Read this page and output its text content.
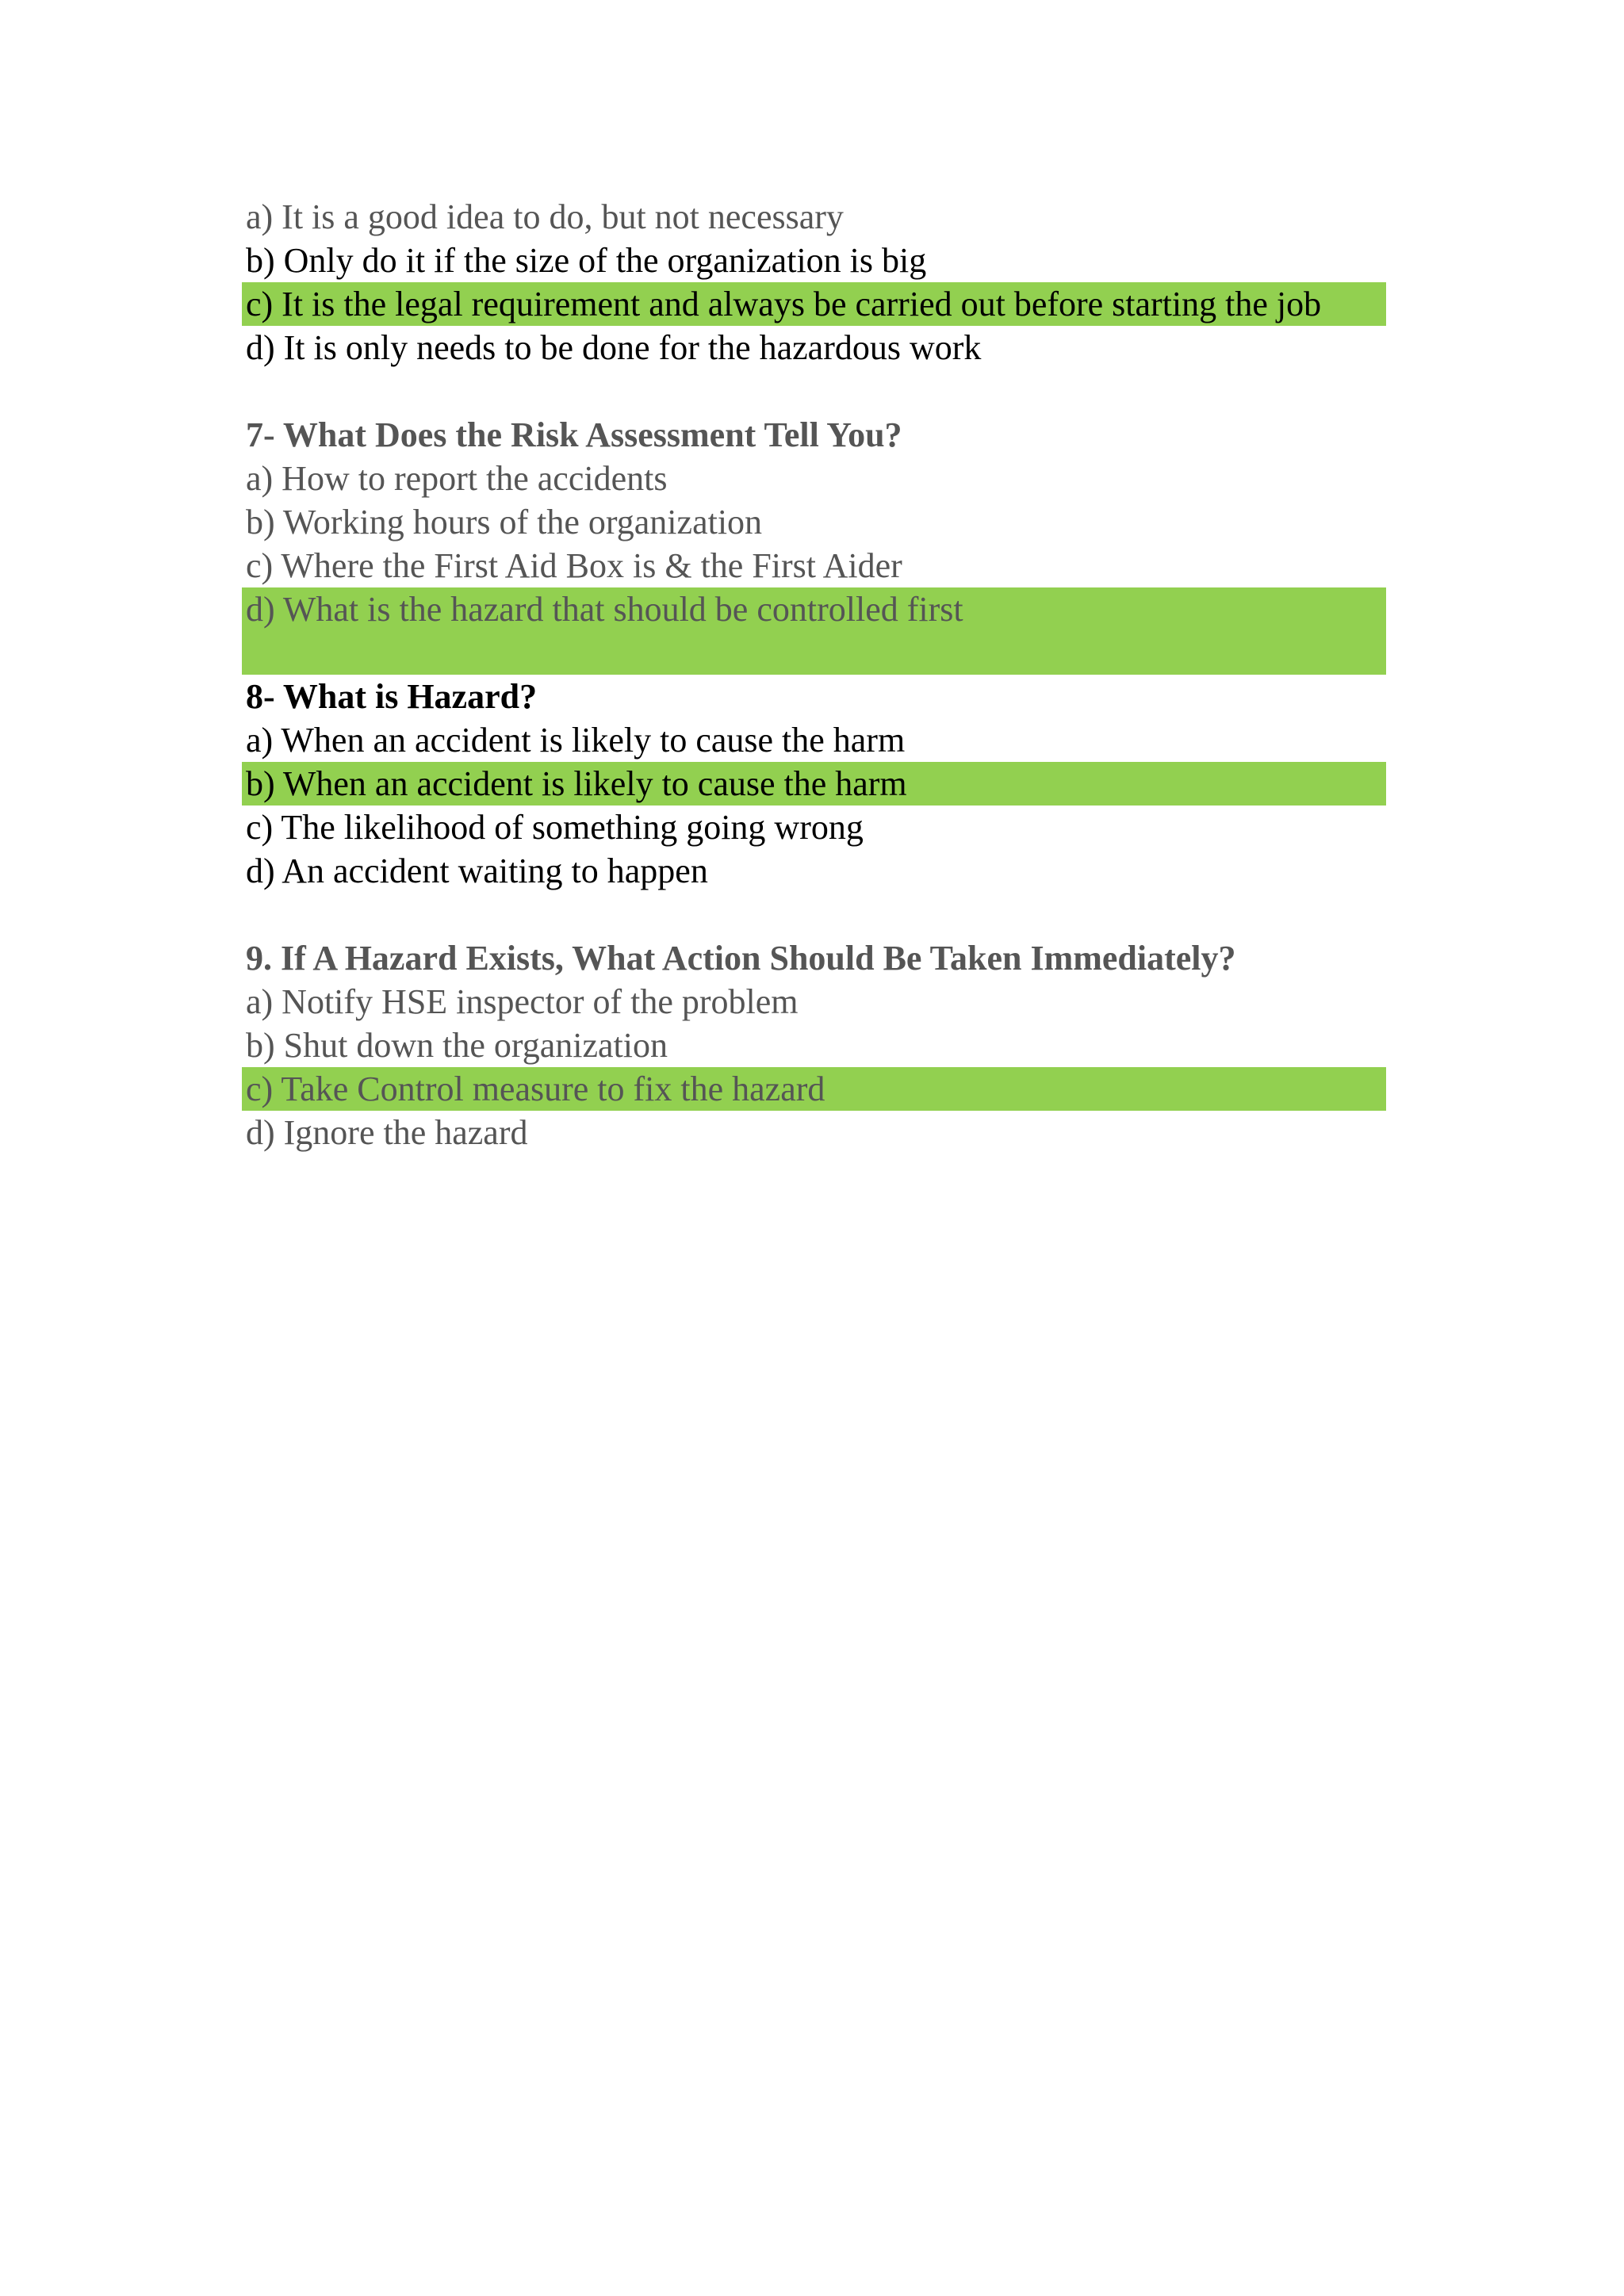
a) It is a good idea to do, but not necessary

b) Only do it if the size of the organization is big

c) It is the legal requirement and always be carried out before starting the job

d) It is only needs to be done for the hazardous work

7- What Does the Risk Assessment Tell You?

a) How to report the accidents

b) Working hours of the organization

c) Where the First Aid Box is & the First Aider

d) What is the hazard that should be controlled first

8- What is Hazard?

a) When an accident is likely to cause the harm

b) When an accident is likely to cause the harm

c) The likelihood of something going wrong

d) An accident waiting to happen

9. If A Hazard Exists, What Action Should Be Taken Immediately?

a) Notify HSE inspector of the problem

b) Shut down the organization

c) Take Control measure to fix the hazard

d) Ignore the hazard
